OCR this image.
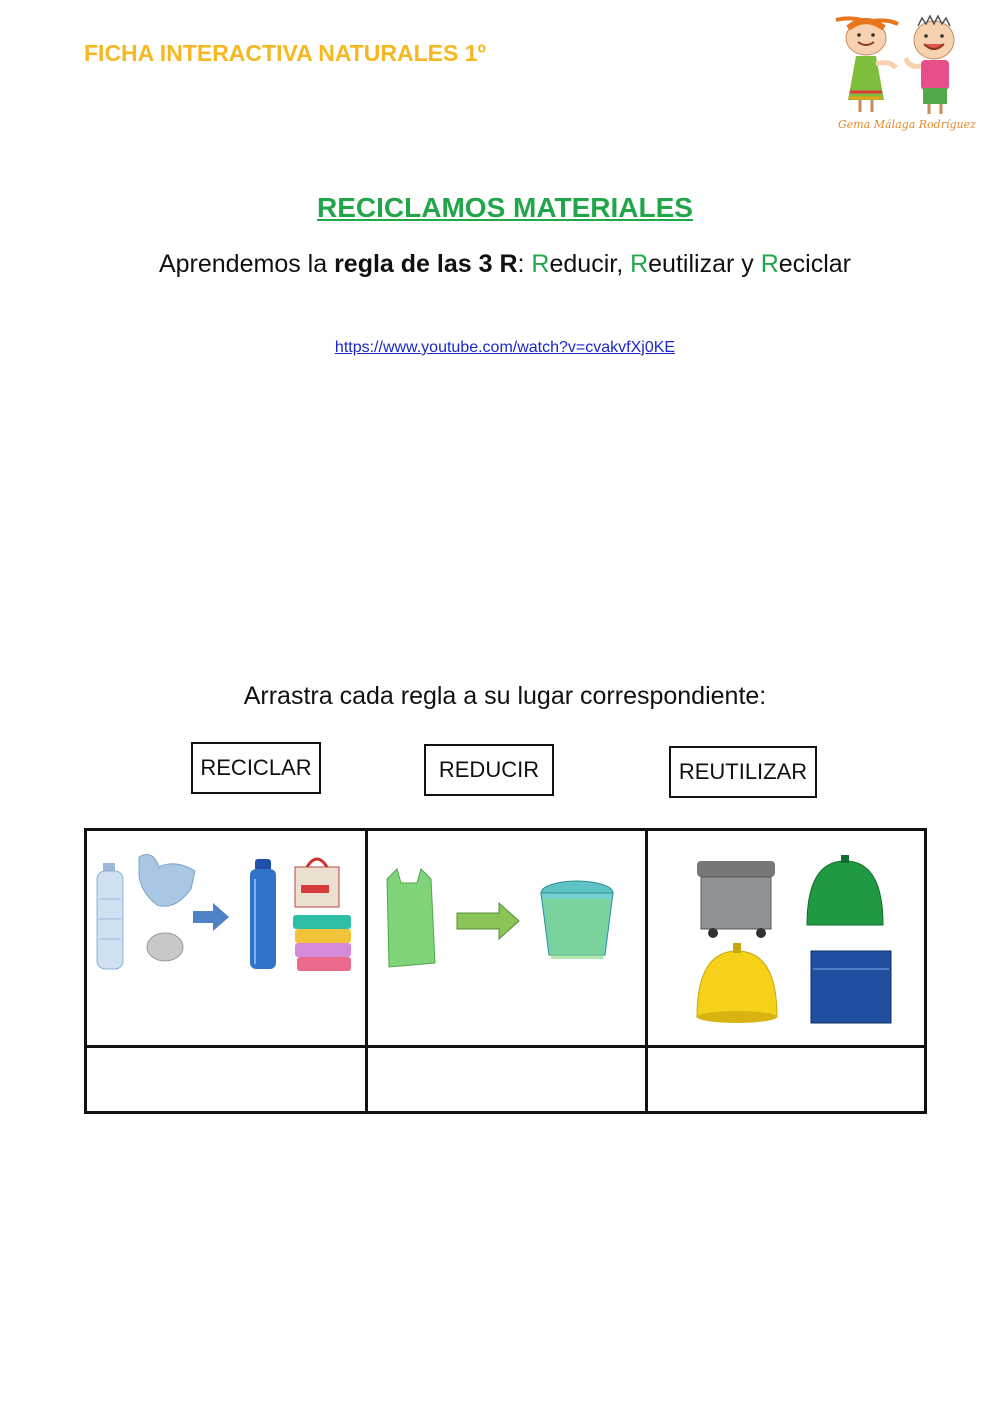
FICHA INTERACTIVA NATURALES 1º
Gema Málaga Rodríguez
RECICLAMOS MATERIALES
Aprendemos la regla de las 3 R: Reducir, Reutilizar y Reciclar
https://www.youtube.com/watch?v=cvakvfXj0KE
Arrastra cada regla a su lugar correspondiente:
RECICLAR	REDUCIR	REUTILIZAR
